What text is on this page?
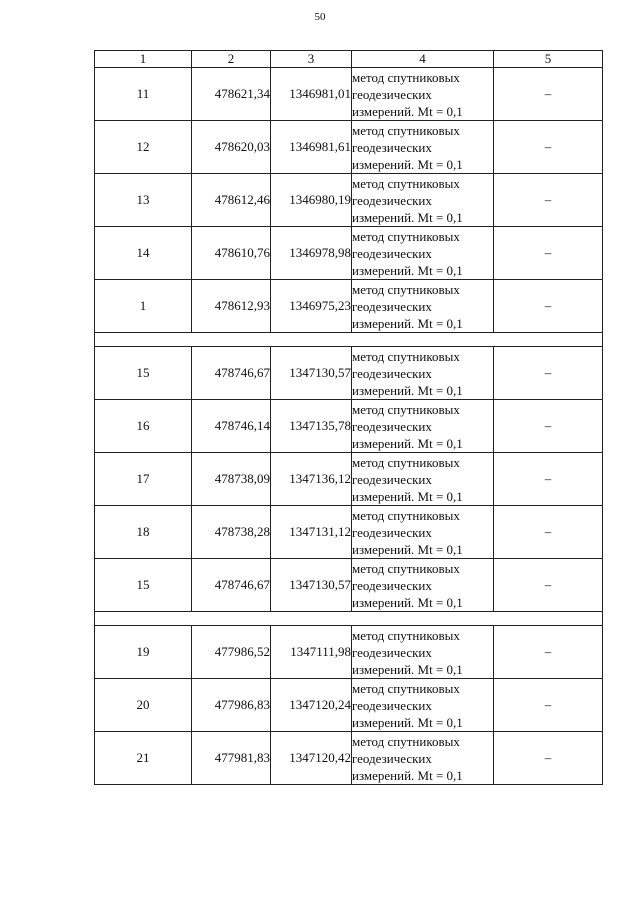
50
1	2	3	4	5
11	478621,34	1346981,01	метод спутниковых
геодезических
измерений. Mt = 0,1	–
12	478620,03	1346981,61	метод спутниковых
геодезических
измерений. Mt = 0,1	–
13	478612,46	1346980,19	метод спутниковых
геодезических
измерений. Mt = 0,1	–
14	478610,76	1346978,98	метод спутниковых
геодезических
измерений. Mt = 0,1	–
1	478612,93	1346975,23	метод спутниковых
геодезических
измерений. Mt = 0,1	–

15	478746,67	1347130,57	метод спутниковых
геодезических
измерений. Mt = 0,1	–
16	478746,14	1347135,78	метод спутниковых
геодезических
измерений. Mt = 0,1	–
17	478738,09	1347136,12	метод спутниковых
геодезических
измерений. Mt = 0,1	–
18	478738,28	1347131,12	метод спутниковых
геодезических
измерений. Mt = 0,1	–
15	478746,67	1347130,57	метод спутниковых
геодезических
измерений. Mt = 0,1	–

19	477986,52	1347111,98	метод спутниковых
геодезических
измерений. Mt = 0,1	–
20	477986,83	1347120,24	метод спутниковых
геодезических
измерений. Mt = 0,1	–
21	477981,83	1347120,42	метод спутниковых
геодезических
измерений. Mt = 0,1	–
